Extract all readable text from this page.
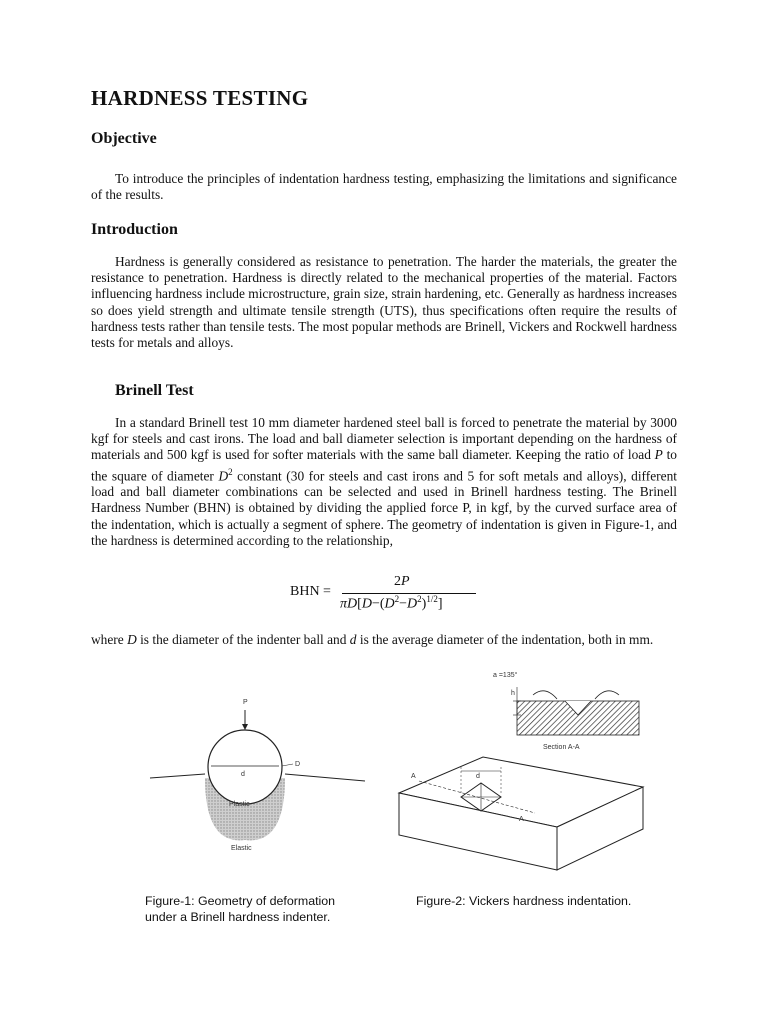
HARDNESS TESTING
Objective

To introduce the principles of indentation hardness testing, emphasizing the limitations and significance of the results.

Introduction

Hardness is generally considered as resistance to penetration. The harder the materials, the greater the resistance to penetration. Hardness is directly related to the mechanical properties of the material. Factors influencing hardness include microstructure, grain size, strain hardening, etc. Generally as hardness increases so does yield strength and ultimate tensile strength (UTS), thus specifications often require the results of hardness tests rather than tensile tests. The most popular methods are Brinell, Vickers and Rockwell hardness tests for metals and alloys.

Brinell Test

In a standard Brinell test 10 mm diameter hardened steel ball is forced to penetrate the material by 3000 kgf for steels and cast irons. The load and ball diameter selection is important depending on the hardness of materials and 500 kgf is used for softer materials with the same ball diameter. Keeping the ratio of load P to the square of diameter $D^2$ constant (30 for steels and cast irons and 5 for soft metals and alloys), different load and ball diameter combinations can be selected and used in Brinell hardness testing. The Brinell Hardness Number (BHN) is obtained by dividing the applied force P, in kgf, by the curved surface area of the indentation, which is actually a segment of sphere. The geometry of indentation is given in Figure-1, and the hardness is determined according to the relationship,

BHN =
2P
$\pi D[D-(D^2-D^2)^{1/2}]$

where D is the diameter of the indenter ball and d is the average diameter of the indentation, both in mm.

P
d
D
Plastic
Elastic
a =135°
h
Section A-A
A
A
d

Figure-1: Geometry of deformation under a Brinell hardness indenter.

Figure-2: Vickers hardness indentation.
